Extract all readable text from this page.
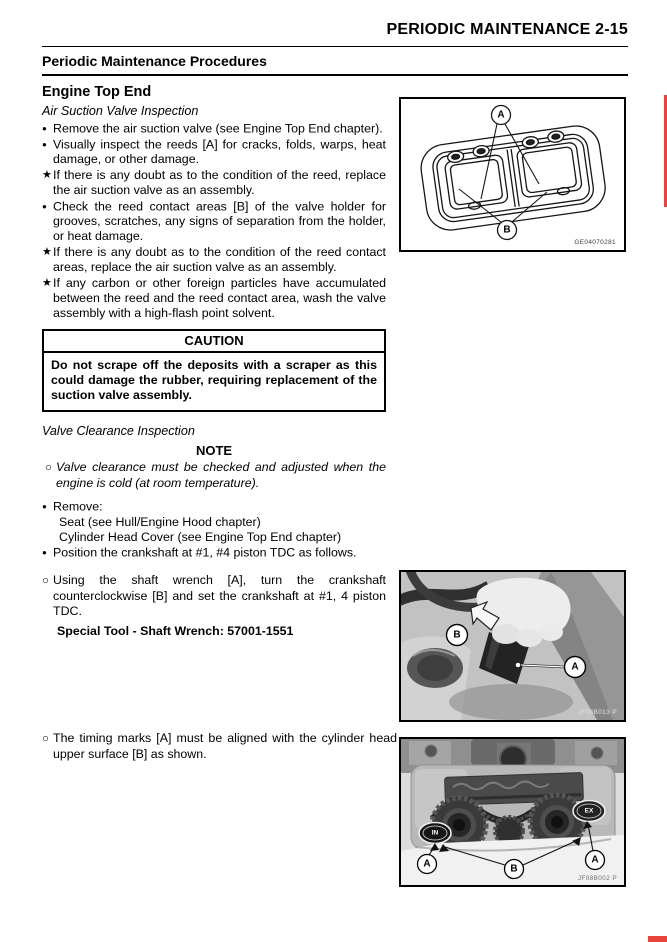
PERIODIC MAINTENANCE 2-15
Periodic Maintenance Procedures
Engine Top End
Air Suction Valve Inspection
● Remove the air suction valve (see Engine Top End chapter).
● Visually inspect the reeds [A] for cracks, folds, warps, heat damage, or other damage.
★If there is any doubt as to the condition of the reed, replace the air suction valve as an assembly.
● Check the reed contact areas [B] of the valve holder for grooves, scratches, any signs of separation from the holder, or heat damage.
★If there is any doubt as to the condition of the reed contact areas, replace the air suction valve as an assembly.
★If any carbon or other foreign particles have accumulated between the reed and the reed contact area, wash the valve assembly with a high-flash point solvent.
CAUTION
Do not scrape off the deposits with a scraper as this could damage the rubber, requiring replacement of the suction valve assembly.
Valve Clearance Inspection
NOTE
○ Valve clearance must be checked and adjusted when the engine is cold (at room temperature).
● Remove:
Seat (see Hull/Engine Hood chapter)
Cylinder Head Cover (see Engine Top End chapter)
● Position the crankshaft at #1, #4 piston TDC as follows.
○ Using the shaft wrench [A], turn the crankshaft counterclockwise [B] and set the crankshaft at #1, 4 piston TDC.
Special Tool - Shaft Wrench: 57001-1551
○ The timing marks [A] must be aligned with the cylinder head upper surface [B] as shown.
A
B
GE04070281
B
A
JF08B013 P
IN
EX
A	B
A
JF08B002 P
